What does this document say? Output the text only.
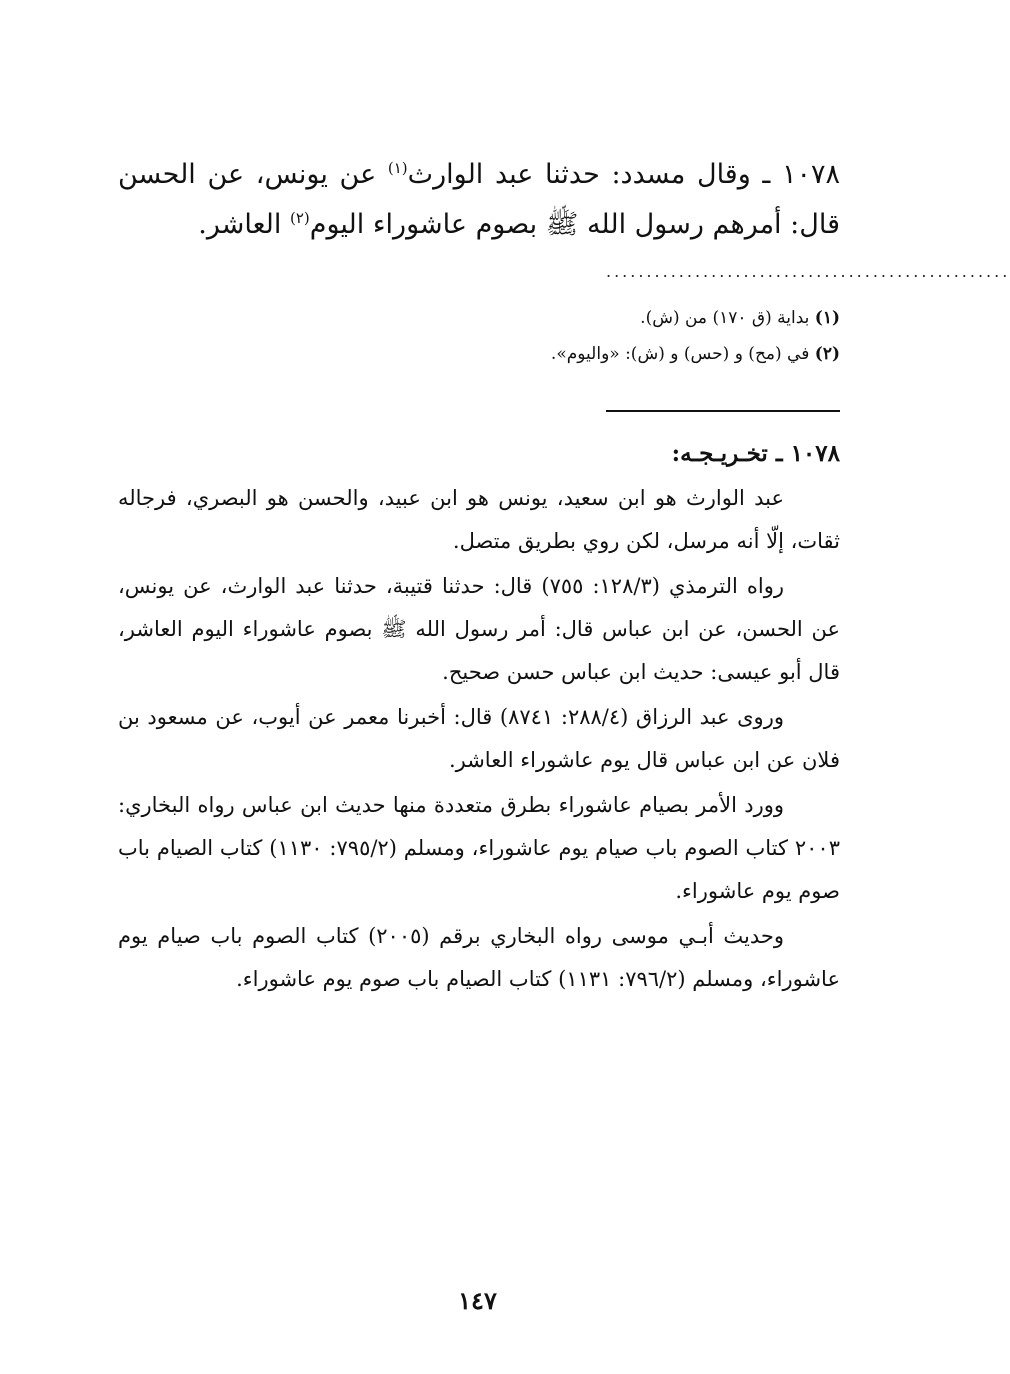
١٠٧٨ ـ وقال مسدد: حدثنا عبد الوارث$^{(١)}$ عن يونس، عن الحسن قال: أمرهم رسول الله ﷺ بصوم عاشوراء اليوم$^{(٢)}$ العاشر.
..................................................
(١) بداية (ق ١٧٠) من (ش).
(٢) في (مح) و (حس) و (ش): «واليوم».

١٠٧٨ ـ تخـريـجـه:

عبد الوارث هو ابن سعيد، يونس هو ابن عبيد، والحسن هو البصري، فرجاله ثقات، إلّا أنه مرسل، لكن روي بطريق متصل.

رواه الترمذي (١٢٨/٣: ٧٥٥) قال: حدثنا قتيبة، حدثنا عبد الوارث، عن يونس، عن الحسن، عن ابن عباس قال: أمر رسول الله ﷺ بصوم عاشوراء اليوم العاشر، قال أبو عيسى: حديث ابن عباس حسن صحيح.

وروى عبد الرزاق (٢٨٨/٤: ٨٧٤١) قال: أخبرنا معمر عن أيوب، عن مسعود بن فلان عن ابن عباس قال يوم عاشوراء العاشر.

وورد الأمر بصيام عاشوراء بطرق متعددة منها حديث ابن عباس رواه البخاري: ٢٠٠٣ كتاب الصوم باب صيام يوم عاشوراء، ومسلم (٧٩٥/٢: ١١٣٠) كتاب الصيام باب صوم يوم عاشوراء.

وحديث أبـي موسى رواه البخاري برقم (٢٠٠٥) كتاب الصوم باب صيام يوم عاشوراء، ومسلم (٧٩٦/٢: ١١٣١) كتاب الصيام باب صوم يوم عاشوراء.

١٤٧
